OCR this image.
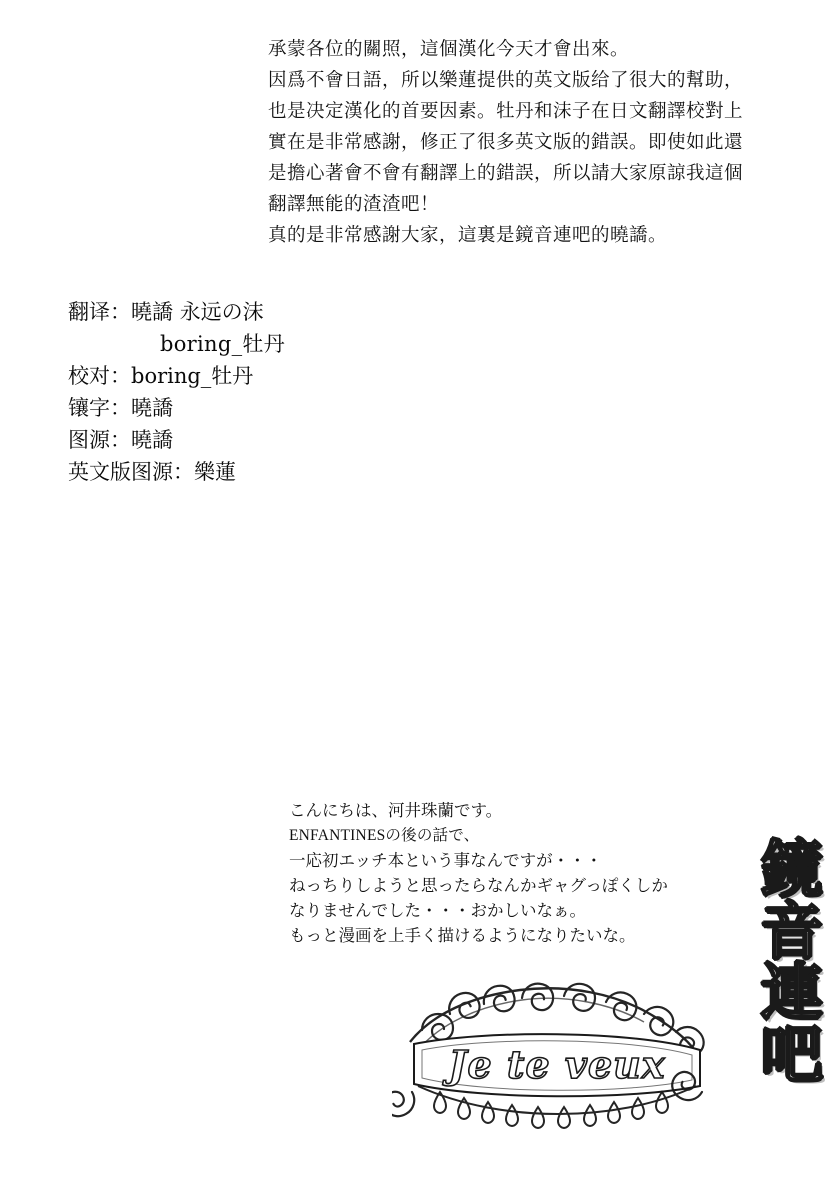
承蒙各位的關照，這個漢化今天才會出來。

因爲不會日語，所以樂蓮提供的英文版给了很大的幫助，

也是决定漢化的首要因素。牡丹和沫子在日文翻譯校對上

實在是非常感謝，修正了很多英文版的錯誤。即使如此還

是擔心著會不會有翻譯上的錯誤，所以請大家原諒我這個

翻譯無能的渣渣吧！

真的是非常感謝大家，這裏是鏡音連吧的曉譑。

翻译：曉譑 永远の沫
boring_牡丹
校对：boring_牡丹
镶字：曉譑
图源：曉譑
英文版图源：樂蓮

こんにちは、河井珠蘭です。

ENFANTINESの後の話で、

一応初エッチ本という事なんですが・・・

ねっちりしようと思ったらなんかギャグっぽくしか

なりませんでした・・・おかしいなぁ。

もっと漫画を上手く描けるようになりたいな。

Je te veux
鏡
音
連
吧
